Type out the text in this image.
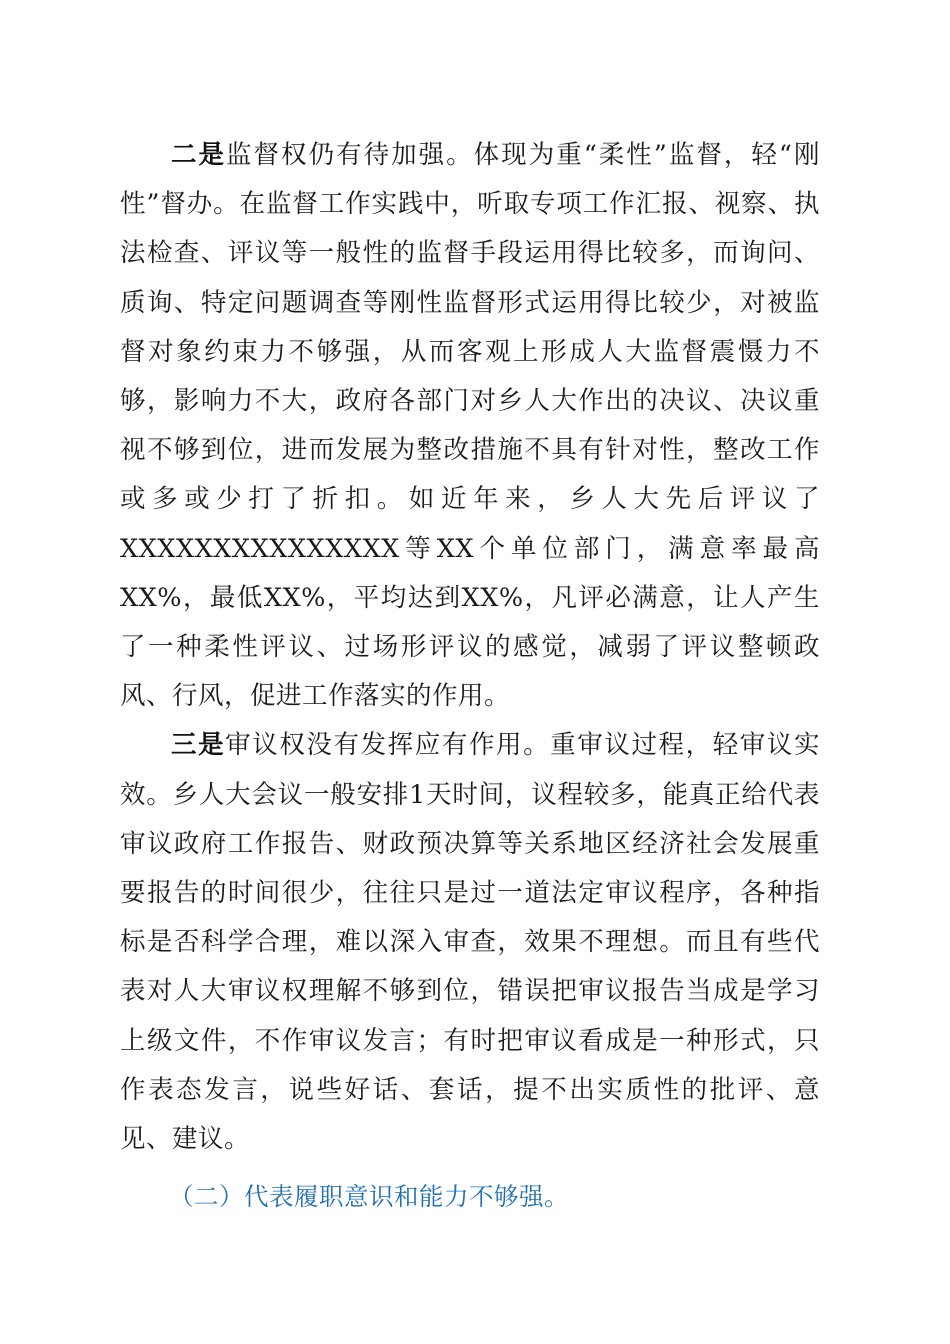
二是监督权仍有待加强。体现为重“柔性”监督，轻“刚性”督办。在监督工作实践中，听取专项工作汇报、视察、执法检查、评议等一般性的监督手段运用得比较多，而询问、质询、特定问题调查等刚性监督形式运用得比较少，对被监督对象约束力不够强，从而客观上形成人大监督震慑力不够，影响力不大，政府各部门对乡人大作出的决议、决议重视不够到位，进而发展为整改措施不具有针对性，整改工作或多或少打了折扣。如近年来，乡人大先后评议了XXXXXXXXXXXXXXX等XX个单位部门，满意率最高XX%，最低XX%，平均达到XX%，凡评必满意，让人产生了一种柔性评议、过场形评议的感觉，减弱了评议整顿政风、行风，促进工作落实的作用。

三是审议权没有发挥应有作用。重审议过程，轻审议实效。乡人大会议一般安排1天时间，议程较多，能真正给代表审议政府工作报告、财政预决算等关系地区经济社会发展重要报告的时间很少，往往只是过一道法定审议程序，各种指标是否科学合理，难以深入审查，效果不理想。而且有些代表对人大审议权理解不够到位，错误把审议报告当成是学习上级文件，不作审议发言；有时把审议看成是一种形式，只作表态发言，说些好话、套话，提不出实质性的批评、意见、建议。

（二）代表履职意识和能力不够强。
